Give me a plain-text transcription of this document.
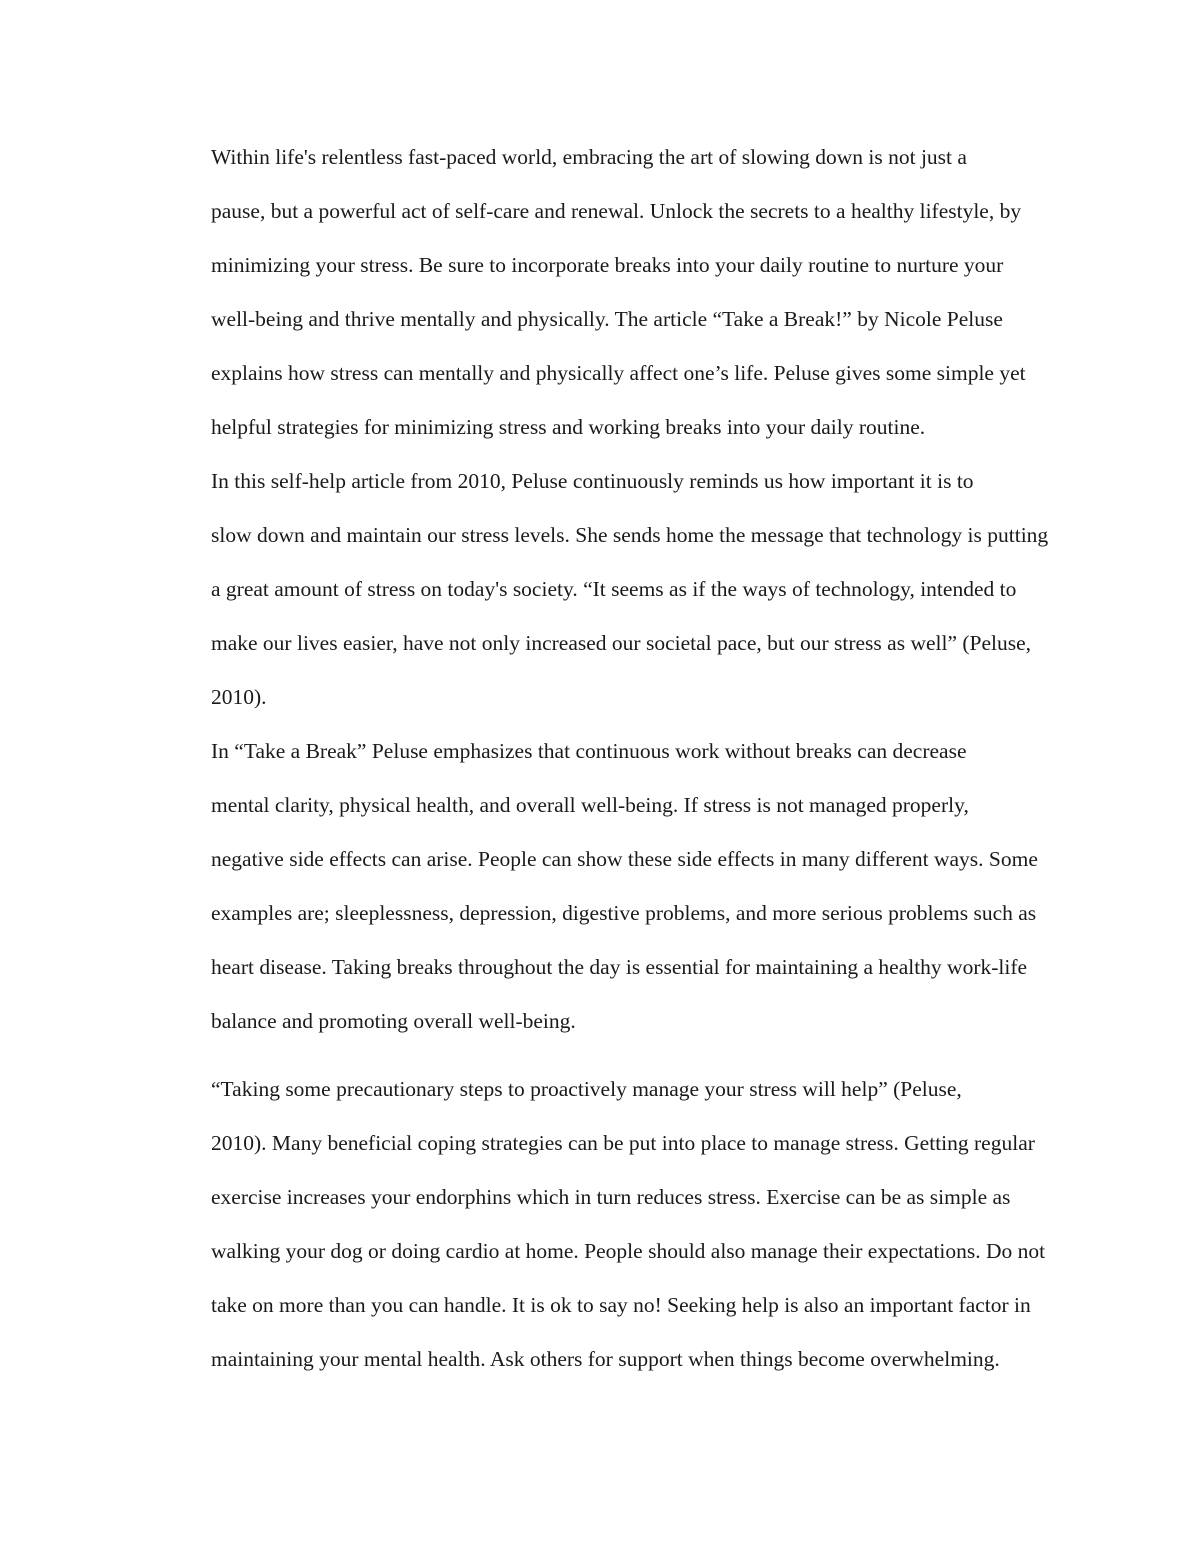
Within life's relentless fast-paced world, embracing the art of slowing down is not just a
pause, but a powerful act of self-care and renewal. Unlock the secrets to a healthy lifestyle, by
minimizing your stress. Be sure to incorporate breaks into your daily routine to nurture your
well-being and thrive mentally and physically. The article “Take a Break!” by Nicole Peluse
explains how stress can mentally and physically affect one’s life. Peluse gives some simple yet
helpful strategies for minimizing stress and working breaks into your daily routine.

In this self-help article from 2010, Peluse continuously reminds us how important it is to
slow down and maintain our stress levels. She sends home the message that technology is putting
a great amount of stress on today's society. “It seems as if the ways of technology, intended to
make our lives easier, have not only increased our societal pace, but our stress as well” (Peluse,
2010).

In “Take a Break” Peluse emphasizes that continuous work without breaks can decrease
mental clarity, physical health, and overall well-being. If stress is not managed properly,
negative side effects can arise. People can show these side effects in many different ways. Some
examples are; sleeplessness, depression, digestive problems, and more serious problems such as
heart disease. Taking breaks throughout the day is essential for maintaining a healthy work-life
balance and promoting overall well-being.

“Taking some precautionary steps to proactively manage your stress will help” (Peluse,
2010). Many beneficial coping strategies can be put into place to manage stress. Getting regular
exercise increases your endorphins which in turn reduces stress. Exercise can be as simple as
walking your dog or doing cardio at home. People should also manage their expectations. Do not
take on more than you can handle. It is ok to say no! Seeking help is also an important factor in
maintaining your mental health. Ask others for support when things become overwhelming.
